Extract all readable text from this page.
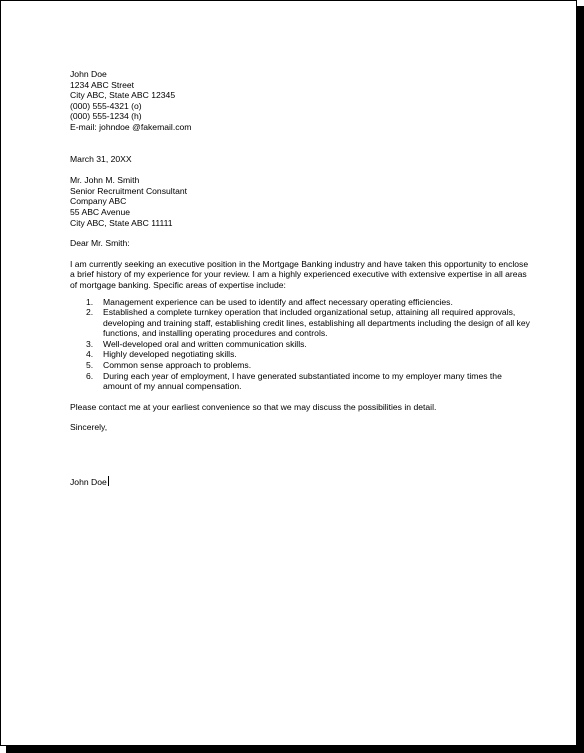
John Doe
1234 ABC Street
City ABC, State ABC 12345
(000) 555-4321 (o)
(000) 555-1234 (h)
E-mail: johndoe @fakemail.com
March 31, 20XX
Mr. John M. Smith
Senior Recruitment Consultant
Company ABC
55 ABC Avenue
City ABC, State ABC 11111
Dear Mr. Smith:
I am currently seeking an executive position in the Mortgage Banking industry and have taken this opportunity to enclose a brief history of my experience for your review. I am a highly experienced executive with extensive expertise in all areas of mortgage banking. Specific areas of expertise include:
1. Management experience can be used to identify and affect necessary operating efficiencies.
2. Established a complete turnkey operation that included organizational setup, attaining all required approvals, developing and training staff, establishing credit lines, establishing all departments including the design of all key functions, and installing operating procedures and controls.
3. Well-developed oral and written communication skills.
4. Highly developed negotiating skills.
5. Common sense approach to problems.
6. During each year of employment, I have generated substantiated income to my employer many times the amount of my annual compensation.
Please contact me at your earliest convenience so that we may discuss the possibilities in detail.
Sincerely,
John Doe
